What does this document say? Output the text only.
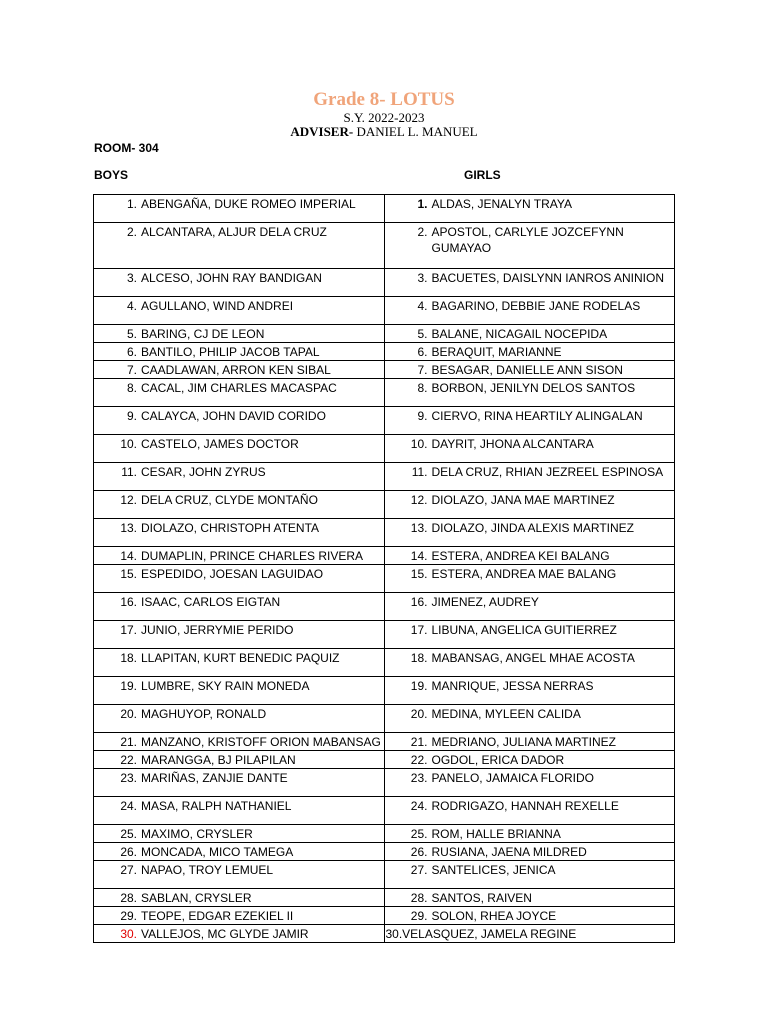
Grade 8- LOTUS
S.Y. 2022-2023
ADVISER- DANIEL L. MANUEL
ROOM- 304
BOYS	GIRLS
1. ABENGAÑA, DUKE ROMEO IMPERIAL	1. ALDAS, JENALYN TRAYA

2. ALCANTARA, ALJUR DELA CRUZ	2. APOSTOL, CARLYLE JOZCEFYNN GUMAYAO

3. ALCESO, JOHN RAY BANDIGAN	3. BACUETES, DAISLYNN IANROS ANINION

4. AGULLANO, WIND ANDREI	4. BAGARINO, DEBBIE JANE RODELAS

5. BARING, CJ DE LEON	5. BALANE, NICAGAIL NOCEPIDA

6. BANTILO, PHILIP JACOB TAPAL	6. BERAQUIT, MARIANNE

7. CAADLAWAN, ARRON KEN SIBAL	7. BESAGAR, DANIELLE ANN SISON

8. CACAL, JIM CHARLES MACASPAC	8. BORBON, JENILYN DELOS SANTOS

9. CALAYCA, JOHN DAVID CORIDO	9. CIERVO, RINA HEARTILY ALINGALAN

10. CASTELO, JAMES DOCTOR	10. DAYRIT, JHONA ALCANTARA

11. CESAR, JOHN ZYRUS	11. DELA CRUZ, RHIAN JEZREEL ESPINOSA

12. DELA CRUZ, CLYDE MONTAÑO	12. DIOLAZO, JANA MAE MARTINEZ

13. DIOLAZO, CHRISTOPH ATENTA	13. DIOLAZO, JINDA ALEXIS MARTINEZ

14. DUMAPLIN, PRINCE CHARLES RIVERA	14. ESTERA, ANDREA KEI BALANG

15. ESPEDIDO, JOESAN LAGUIDAO	15. ESTERA, ANDREA MAE BALANG

16. ISAAC, CARLOS EIGTAN	16. JIMENEZ, AUDREY

17. JUNIO, JERRYMIE PERIDO	17. LIBUNA, ANGELICA GUITIERREZ

18. LLAPITAN, KURT BENEDIC PAQUIZ	18. MABANSAG, ANGEL MHAE ACOSTA

19. LUMBRE, SKY RAIN MONEDA	19. MANRIQUE, JESSA NERRAS

20. MAGHUYOP, RONALD	20. MEDINA, MYLEEN CALIDA

21. MANZANO, KRISTOFF ORION MABANSAG	21. MEDRIANO, JULIANA MARTINEZ

22. MARANGGA, BJ PILAPILAN	22. OGDOL, ERICA DADOR

23. MARIÑAS, ZANJIE DANTE	23. PANELO, JAMAICA FLORIDO

24. MASA, RALPH NATHANIEL	24. RODRIGAZO, HANNAH REXELLE

25. MAXIMO, CRYSLER	25. ROM, HALLE BRIANNA

26. MONCADA, MICO TAMEGA	26. RUSIANA, JAENA MILDRED

27. NAPAO, TROY LEMUEL	27. SANTELICES, JENICA

28. SABLAN, CRYSLER	28. SANTOS, RAIVEN

29. TEOPE, EDGAR EZEKIEL II	29. SOLON, RHEA JOYCE

30. VALLEJOS, MC GLYDE JAMIR	30. VELASQUEZ, JAMELA REGINE
